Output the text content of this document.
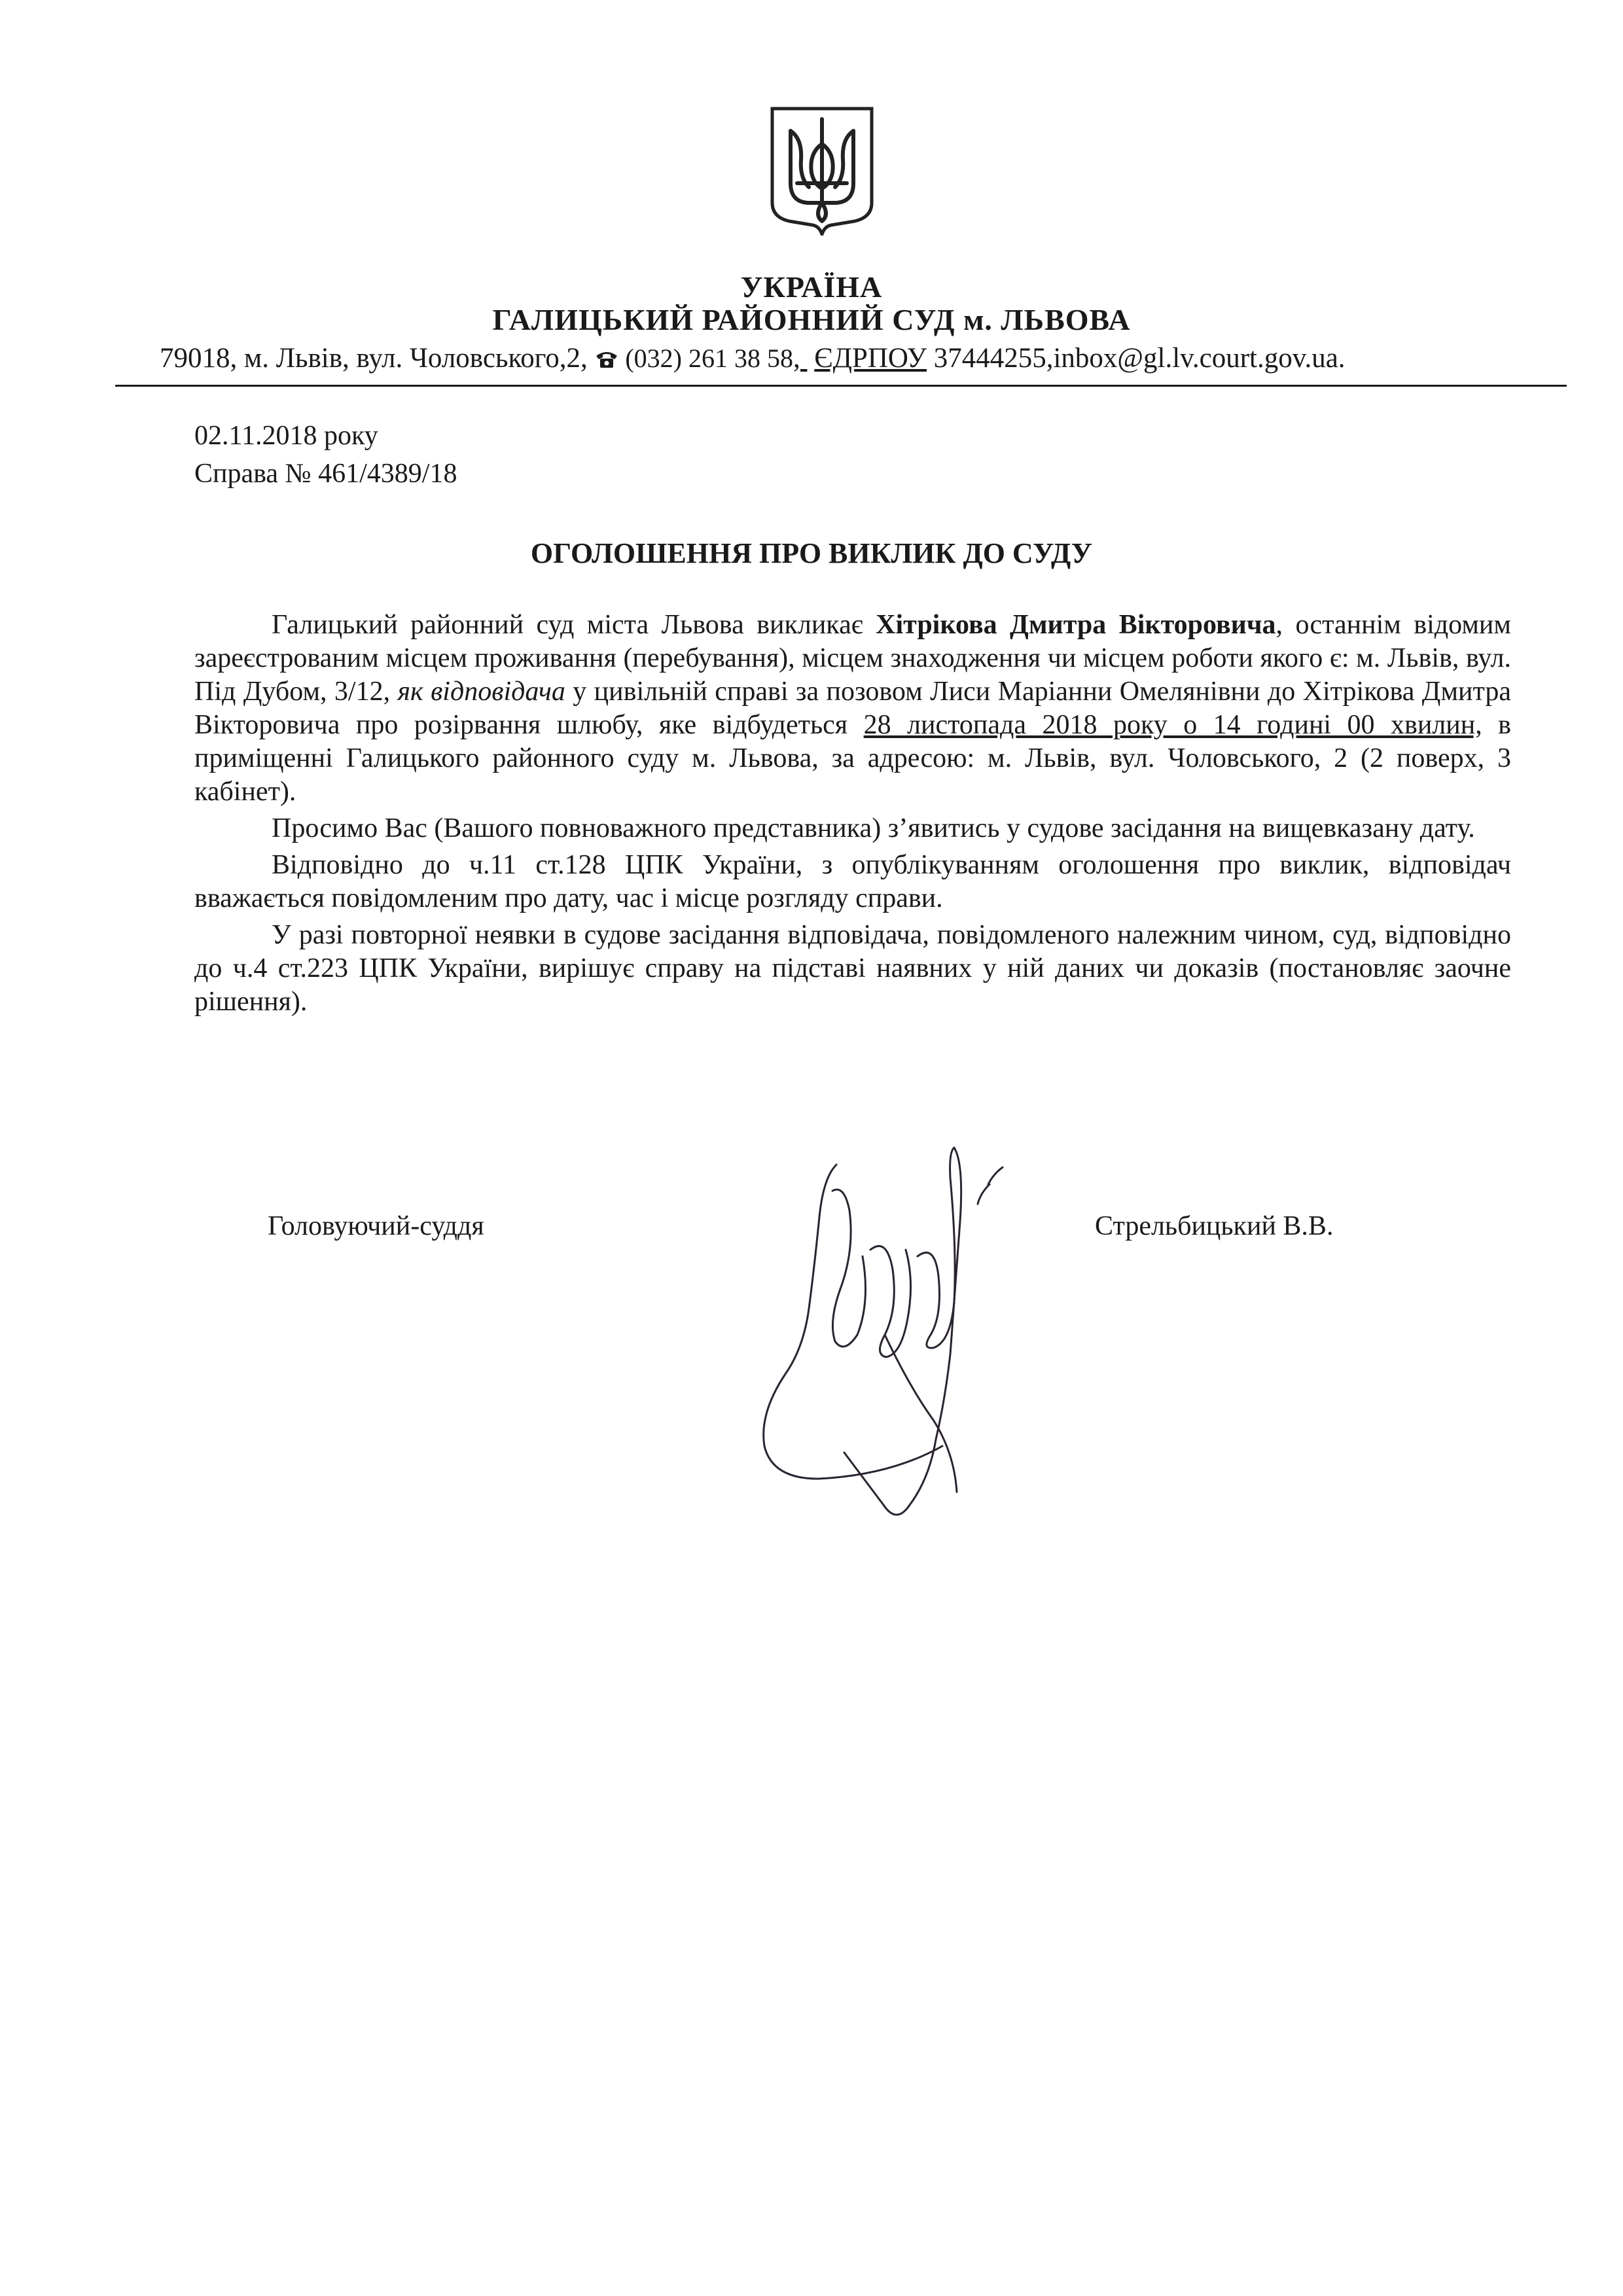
УКРАЇНА
ГАЛИЦЬКИЙ РАЙОННИЙ СУД м. ЛЬВОВА
79018, м. Львів, вул. Чоловського,2,  (032) 261 38 58,  ЄДРПОУ 37444255,inbox@gl.lv.court.gov.ua.
02.11.2018 року
Справа № 461/4389/18
ОГОЛОШЕННЯ ПРО ВИКЛИК ДО СУДУ

Галицький районний суд міста Львова викликає Хітрікова Дмитра Вікторовича, останнім відомим зареєстрованим місцем проживання (перебування), місцем знаходження чи місцем роботи якого є: м. Львів, вул. Під Дубом, 3/12, як відповідача у цивільній справі за позовом Лиси Маріанни Омелянівни до Хітрікова Дмитра Вікторовича про розірвання шлюбу, яке відбудеться 28 листопада 2018 року о 14 годині 00 хвилин, в приміщенні Галицького районного суду м. Львова, за адресою: м. Львів, вул. Чоловського, 2 (2 поверх, 3 кабінет).

Просимо Вас (Вашого повноважного представника) з’явитись у судове засідання на вищевказану дату.

Відповідно до ч.11 ст.128 ЦПК України, з опублікуванням оголошення про виклик, відповідач вважається повідомленим про дату, час і місце розгляду справи.

У разі повторної неявки в судове засідання відповідача, повідомленого належним чином, суд, відповідно до ч.4 ст.223 ЦПК України, вирішує справу на підставі наявних у ній даних чи доказів (постановляє заочне рішення).

Головуючий-суддя	Стрельбицький В.В.
